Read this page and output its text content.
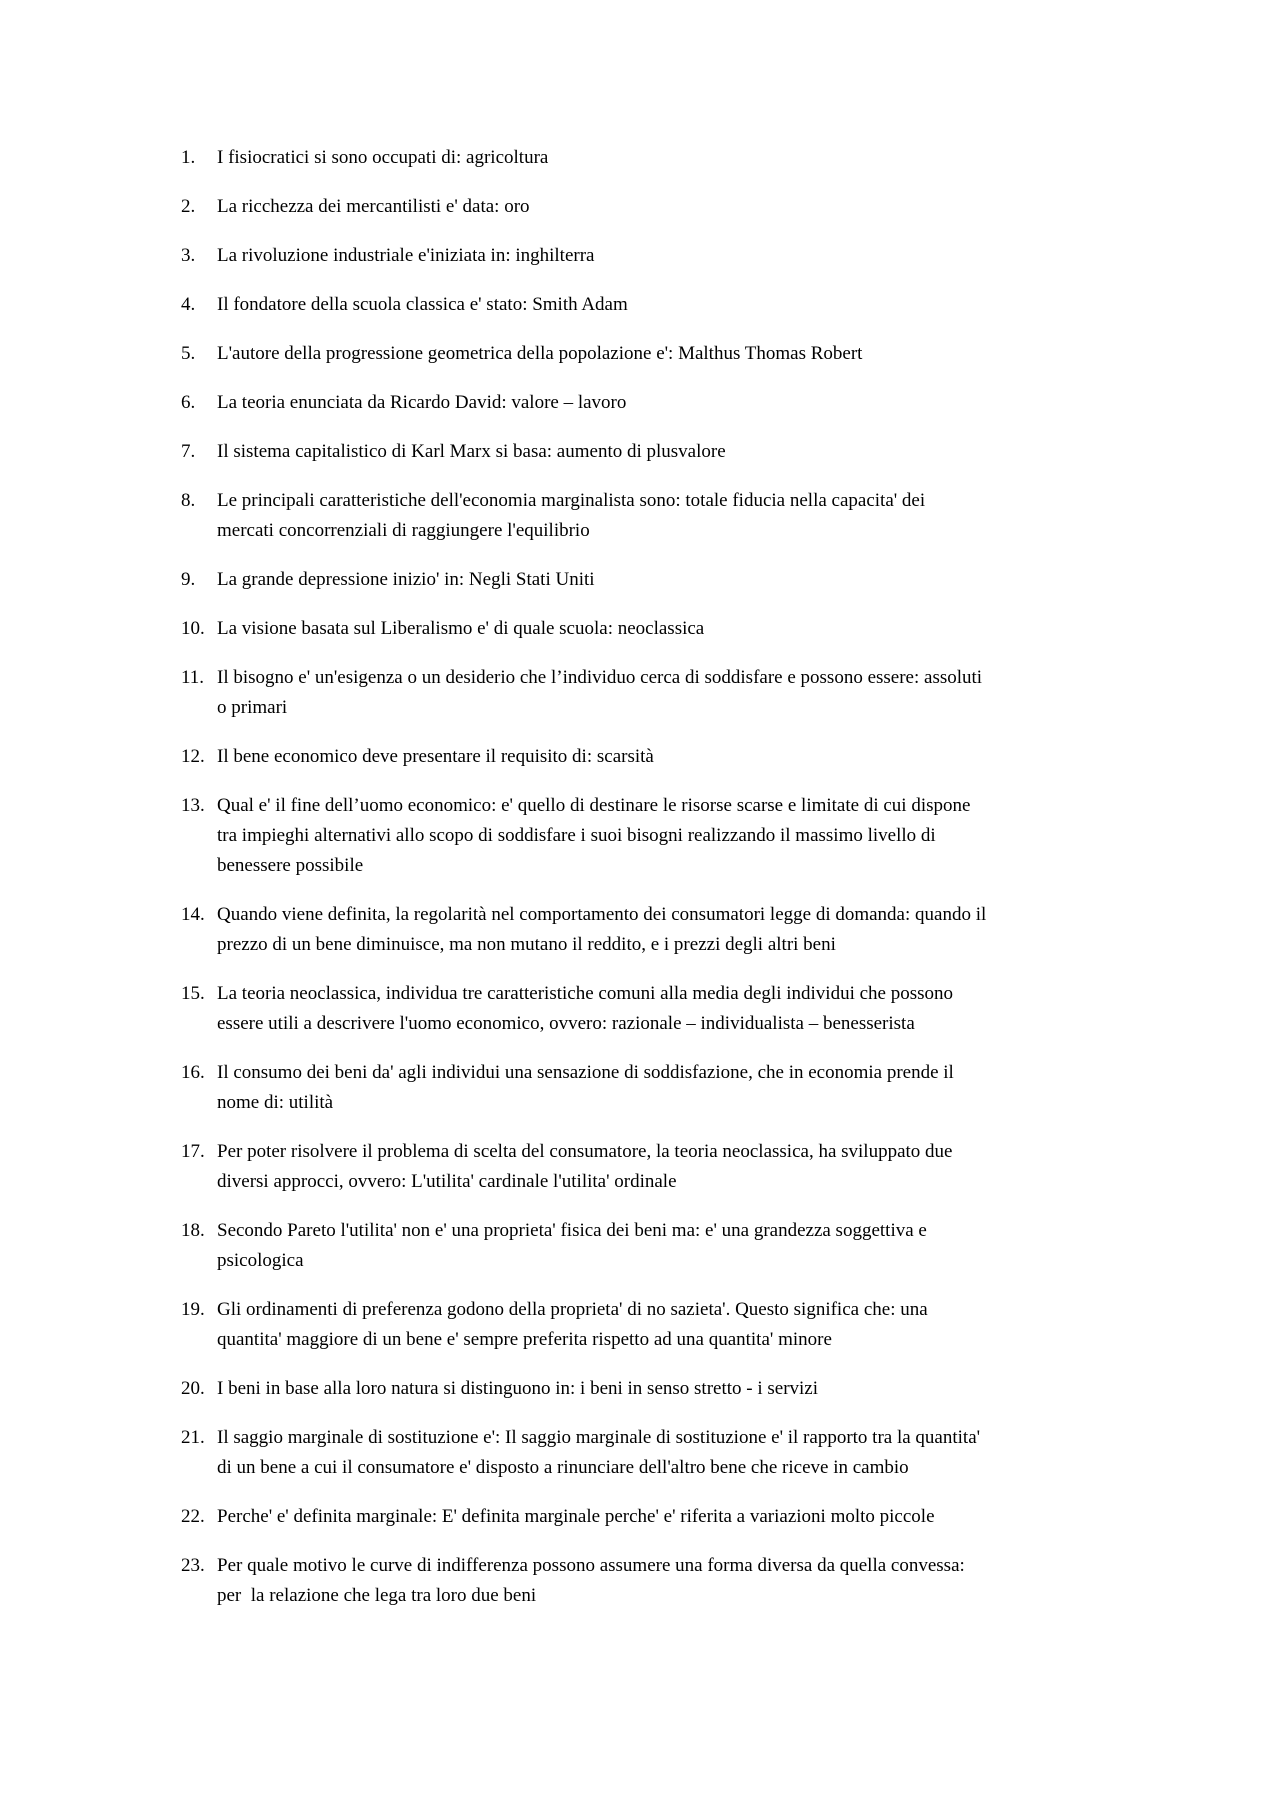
1.	I fisiocratici si sono occupati di: agricoltura
2.	La ricchezza dei mercantilisti e' data: oro
3.	La rivoluzione industriale e'iniziata in: inghilterra
4.	Il fondatore della scuola classica e' stato: Smith Adam
5.	L'autore della progressione geometrica della popolazione e': Malthus Thomas Robert
6.	La teoria enunciata da Ricardo David: valore – lavoro
7.	Il sistema capitalistico di Karl Marx si basa: aumento di plusvalore
8.	Le principali caratteristiche dell'economia marginalista sono: totale fiducia nella capacita' dei
mercati concorrenziali di raggiungere l'equilibrio
9.	La grande depressione inizio' in: Negli Stati Uniti
10. La visione basata sul Liberalismo e' di quale scuola: neoclassica
11. Il bisogno e' un'esigenza o un desiderio che l’individuo cerca di soddisfare e possono essere: assoluti
o primari
12. Il bene economico deve presentare il requisito di: scarsità
13. Qual e' il fine dell’uomo economico: e' quello di destinare le risorse scarse e limitate di cui dispone
tra impieghi alternativi allo scopo di soddisfare i suoi bisogni realizzando il massimo livello di
benessere possibile
14. Quando viene definita, la regolarità nel comportamento dei consumatori legge di domanda: quando il
prezzo di un bene diminuisce, ma non mutano il reddito, e i prezzi degli altri beni
15. La teoria neoclassica, individua tre caratteristiche comuni alla media degli individui che possono
essere utili a descrivere l'uomo economico, ovvero: razionale – individualista – benesserista
16. Il consumo dei beni da' agli individui una sensazione di soddisfazione, che in economia prende il
nome di: utilità
17. Per poter risolvere il problema di scelta del consumatore, la teoria neoclassica, ha sviluppato due
diversi approcci, ovvero: L'utilita' cardinale l'utilita' ordinale
18. Secondo Pareto l'utilita' non e' una proprieta' fisica dei beni ma: e' una grandezza soggettiva e
psicologica
19. Gli ordinamenti di preferenza godono della proprieta' di no sazieta'. Questo significa che: una
quantita' maggiore di un bene e' sempre preferita rispetto ad una quantita' minore
20. I beni in base alla loro natura si distinguono in: i beni in senso stretto - i servizi
21. Il saggio marginale di sostituzione e': Il saggio marginale di sostituzione e' il rapporto tra la quantita'
di un bene a cui il consumatore e' disposto a rinunciare dell'altro bene che riceve in cambio
22. Perche' e' definita marginale: E' definita marginale perche' e' riferita a variazioni molto piccole
23. Per quale motivo le curve di indifferenza possono assumere una forma diversa da quella convessa:
per  la relazione che lega tra loro due beni
